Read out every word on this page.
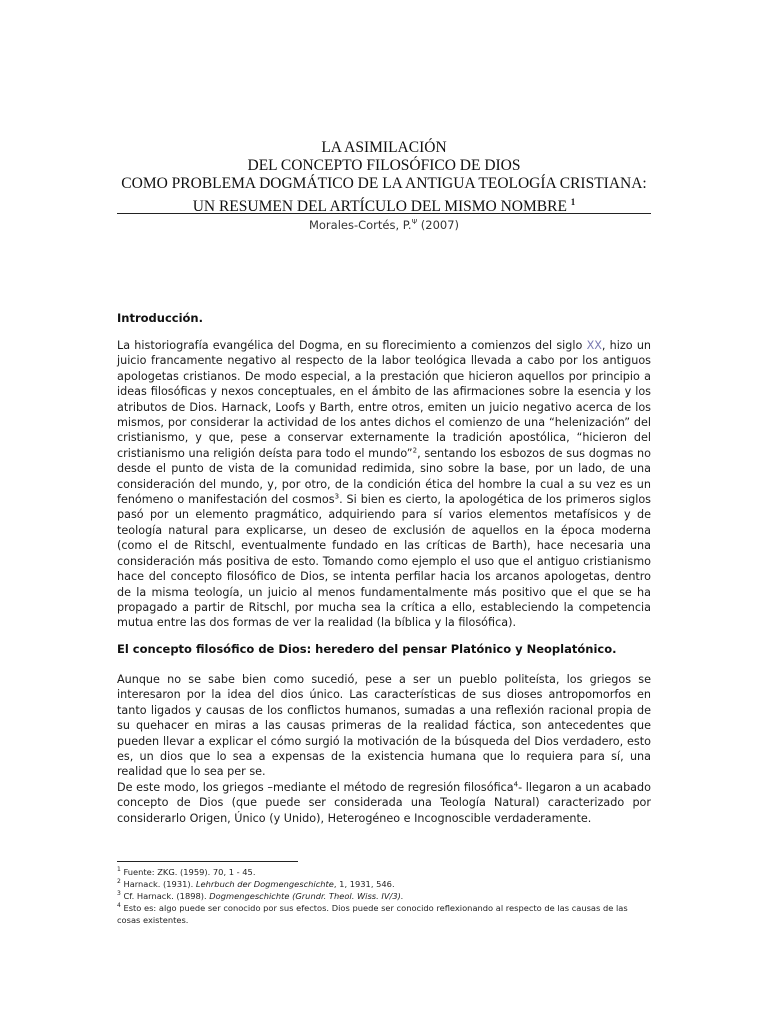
LA ASIMILACIÓN
DEL CONCEPTO FILOSÓFICO DE DIOS
COMO PROBLEMA DOGMÁTICO DE LA ANTIGUA TEOLOGÍA CRISTIANA:
UN RESUMEN DEL ARTÍCULO DEL MISMO NOMBRE $^1$
Morales-Cortés, P.$^\Psi$ (2007)
Introducción.

La historiografía evangélica del Dogma, en su florecimiento a comienzos del siglo XX, hizo un juicio francamente negativo al respecto de la labor teológica llevada a cabo por los antiguos apologetas cristianos. De modo especial, a la prestación que hicieron aquellos por principio a ideas filosóficas y nexos conceptuales, en el ámbito de las afirmaciones sobre la esencia y los atributos de Dios. Harnack, Loofs y Barth, entre otros, emiten un juicio negativo acerca de los mismos, por considerar la actividad de los antes dichos el comienzo de una “helenización” del cristianismo, y que, pese a conservar externamente la tradición apostólica, “hicieron del cristianismo una religión deísta para todo el mundo”$^2$, sentando los esbozos de sus dogmas no desde el punto de vista de la comunidad redimida, sino sobre la base, por un lado, de una consideración del mundo, y, por otro, de la condición ética del hombre la cual a su vez es un fenómeno o manifestación del cosmos$^3$. Si bien es cierto, la apologética de los primeros siglos pasó por un elemento pragmático, adquiriendo para sí varios elementos metafísicos y de teología natural para explicarse, un deseo de exclusión de aquellos en la época moderna (como el de Ritschl, eventualmente fundado en las críticas de Barth), hace necesaria una consideración más positiva de esto. Tomando como ejemplo el uso que el antiguo cristianismo hace del concepto filosófico de Dios, se intenta perfilar hacia los arcanos apologetas, dentro de la misma teología, un juicio al menos fundamentalmente más positivo que el que se ha propagado a partir de Ritschl, por mucha sea la crítica a ello, estableciendo la competencia mutua entre las dos formas de ver la realidad (la bíblica y la filosófica).

El concepto filosófico de Dios: heredero del pensar Platónico y Neoplatónico.

Aunque no se sabe bien como sucedió, pese a ser un pueblo politeísta, los griegos se interesaron por la idea del dios único. Las características de sus dioses antropomorfos en tanto ligados y causas de los conflictos humanos, sumadas a una reflexión racional propia de su quehacer en miras a las causas primeras de la realidad fáctica, son antecedentes que pueden llevar a explicar el cómo surgió la motivación de la búsqueda del Dios verdadero, esto es, un dios que lo sea a expensas de la existencia humana que lo requiera para sí, una realidad que lo sea per se.

De este modo, los griegos –mediante el método de regresión filosófica$^4$- llegaron a un acabado concepto de Dios (que puede ser considerada una Teología Natural) caracterizado por considerarlo Origen, Único (y Unido), Heterogéneo e Incognoscible verdaderamente.

$^1$ Fuente: ZKG. (1959). 70, 1 - 45.
$^2$ Harnack. (1931). Lehrbuch der Dogmengeschichte, 1, 1931, 546.
$^3$ Cf. Harnack. (1898). Dogmengeschichte (Grundr. Theol. Wiss. IV/3).
$^4$ Esto es: algo puede ser conocido por sus efectos. Dios puede ser conocido reflexionando al respecto de las causas de las cosas existentes.
